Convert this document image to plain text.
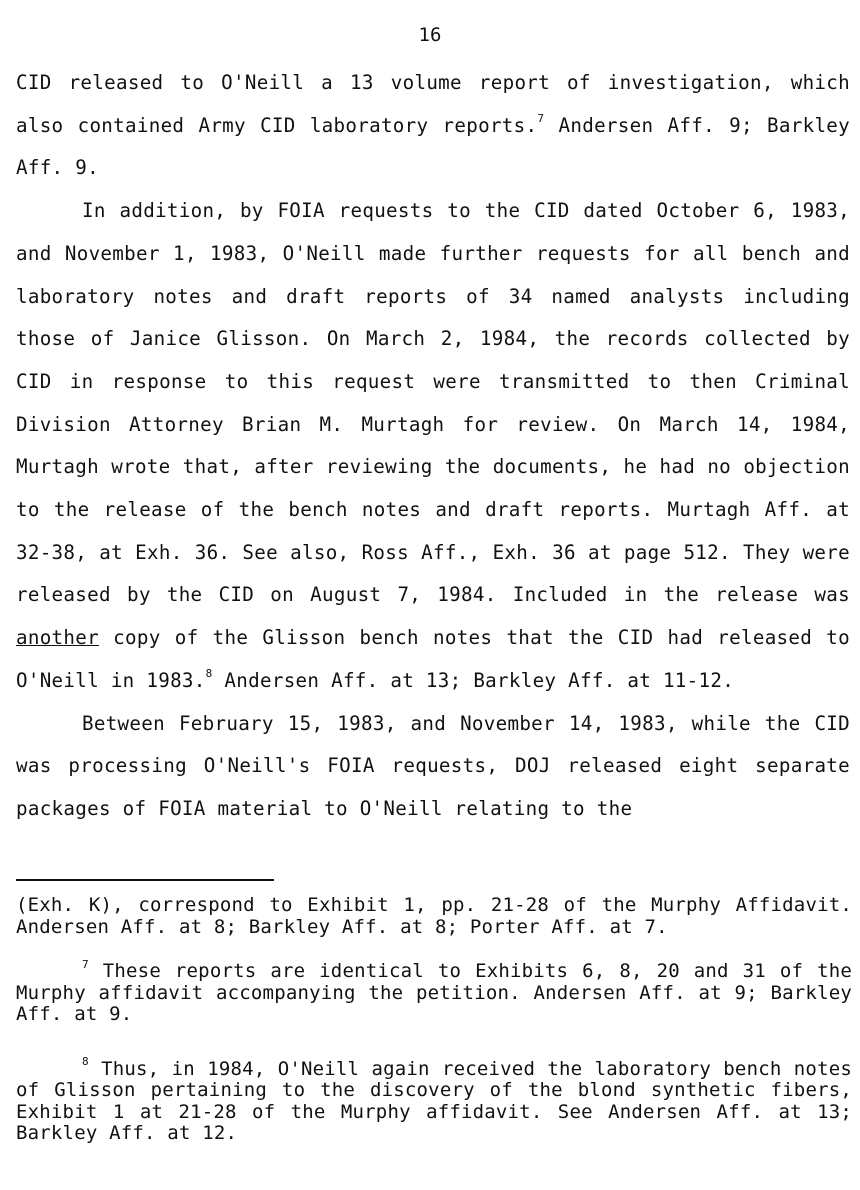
16

CID released to O'Neill a 13 volume report of investigation, which also contained Army CID laboratory reports.$^7$ Andersen Aff. 9; Barkley Aff. 9.

In addition, by FOIA requests to the CID dated October 6, 1983, and November 1, 1983, O'Neill made further requests for all bench and laboratory notes and draft reports of 34 named analysts including those of Janice Glisson. On March 2, 1984, the records collected by CID in response to this request were transmitted to then Criminal Division Attorney Brian M. Murtagh for review. On March 14, 1984, Murtagh wrote that, after reviewing the documents, he had no objection to the release of the bench notes and draft reports. Murtagh Aff. at 32-38, at Exh. 36. See also, Ross Aff., Exh. 36 at page 512. They were released by the CID on August 7, 1984. Included in the release was another copy of the Glisson bench notes that the CID had released to O'Neill in 1983.$^8$ Andersen Aff. at 13; Barkley Aff. at 11-12.

Between February 15, 1983, and November 14, 1983, while the CID was processing O'Neill's FOIA requests, DOJ released eight separate packages of FOIA material to O'Neill relating to the

(Exh. K), correspond to Exhibit 1, pp. 21-28 of the Murphy Affidavit. Andersen Aff. at 8; Barkley Aff. at 8; Porter Aff. at 7.

$^7$ These reports are identical to Exhibits 6, 8, 20 and 31 of the Murphy affidavit accompanying the petition. Andersen Aff. at 9; Barkley Aff. at 9.

$^8$ Thus, in 1984, O'Neill again received the laboratory bench notes of Glisson pertaining to the discovery of the blond synthetic fibers, Exhibit 1 at 21-28 of the Murphy affidavit. See Andersen Aff. at 13; Barkley Aff. at 12.
